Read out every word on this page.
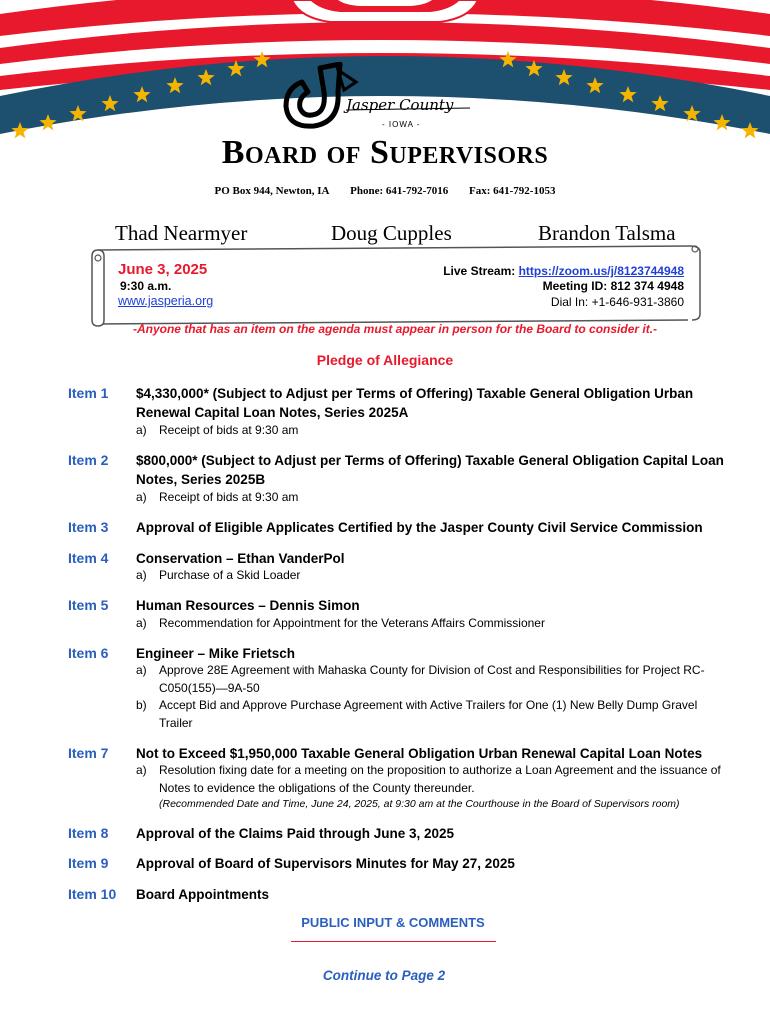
Jasper County
- IOWA -
Board of Supervisors
PO Box 944, Newton, IA Phone: 641-792-7016 Fax: 641-792-1053
Thad Nearmyer	Doug Cupples	Brandon Talsma
June 3, 2025
9:30 a.m.
www.jasperia.org
Live Stream: https://zoom.us/j/8123744948
Meeting ID: 812 374 4948
Dial In: +1-646-931-3860
-Anyone that has an item on the agenda must appear in person for the Board to consider it.-
Pledge of Allegiance
Item 1 $4,330,000* (Subject to Adjust per Terms of Offering) Taxable General Obligation Urban Renewal Capital Loan Notes, Series 2025A
a)	Receipt of bids at 9:30 am
Item 2 $800,000* (Subject to Adjust per Terms of Offering) Taxable General Obligation Capital Loan Notes, Series 2025B
a)	Receipt of bids at 9:30 am
Item 3 Approval of Eligible Applicates Certified by the Jasper County Civil Service Commission
Item 4 Conservation – Ethan VanderPol
a)	Purchase of a Skid Loader
Item 5 Human Resources – Dennis Simon
a)	Recommendation for Appointment for the Veterans Affairs Commissioner
Item 6 Engineer – Mike Frietsch
a)	Approve 28E Agreement with Mahaska County for Division of Cost and Responsibilities for Project RC-C050(155)—9A-50
b)	Accept Bid and Approve Purchase Agreement with Active Trailers for One (1) New Belly Dump Gravel Trailer
Item 7 Not to Exceed $1,950,000 Taxable General Obligation Urban Renewal Capital Loan Notes
a)	Resolution fixing date for a meeting on the proposition to authorize a Loan Agreement and the issuance of Notes to evidence the obligations of the County thereunder.
(Recommended Date and Time, June 24, 2025, at 9:30 am at the Courthouse in the Board of Supervisors room)
Item 8 Approval of the Claims Paid through June 3, 2025
Item 9 Approval of Board of Supervisors Minutes for May 27, 2025
Item 10 Board Appointments
PUBLIC INPUT & COMMENTS
Continue to Page 2
